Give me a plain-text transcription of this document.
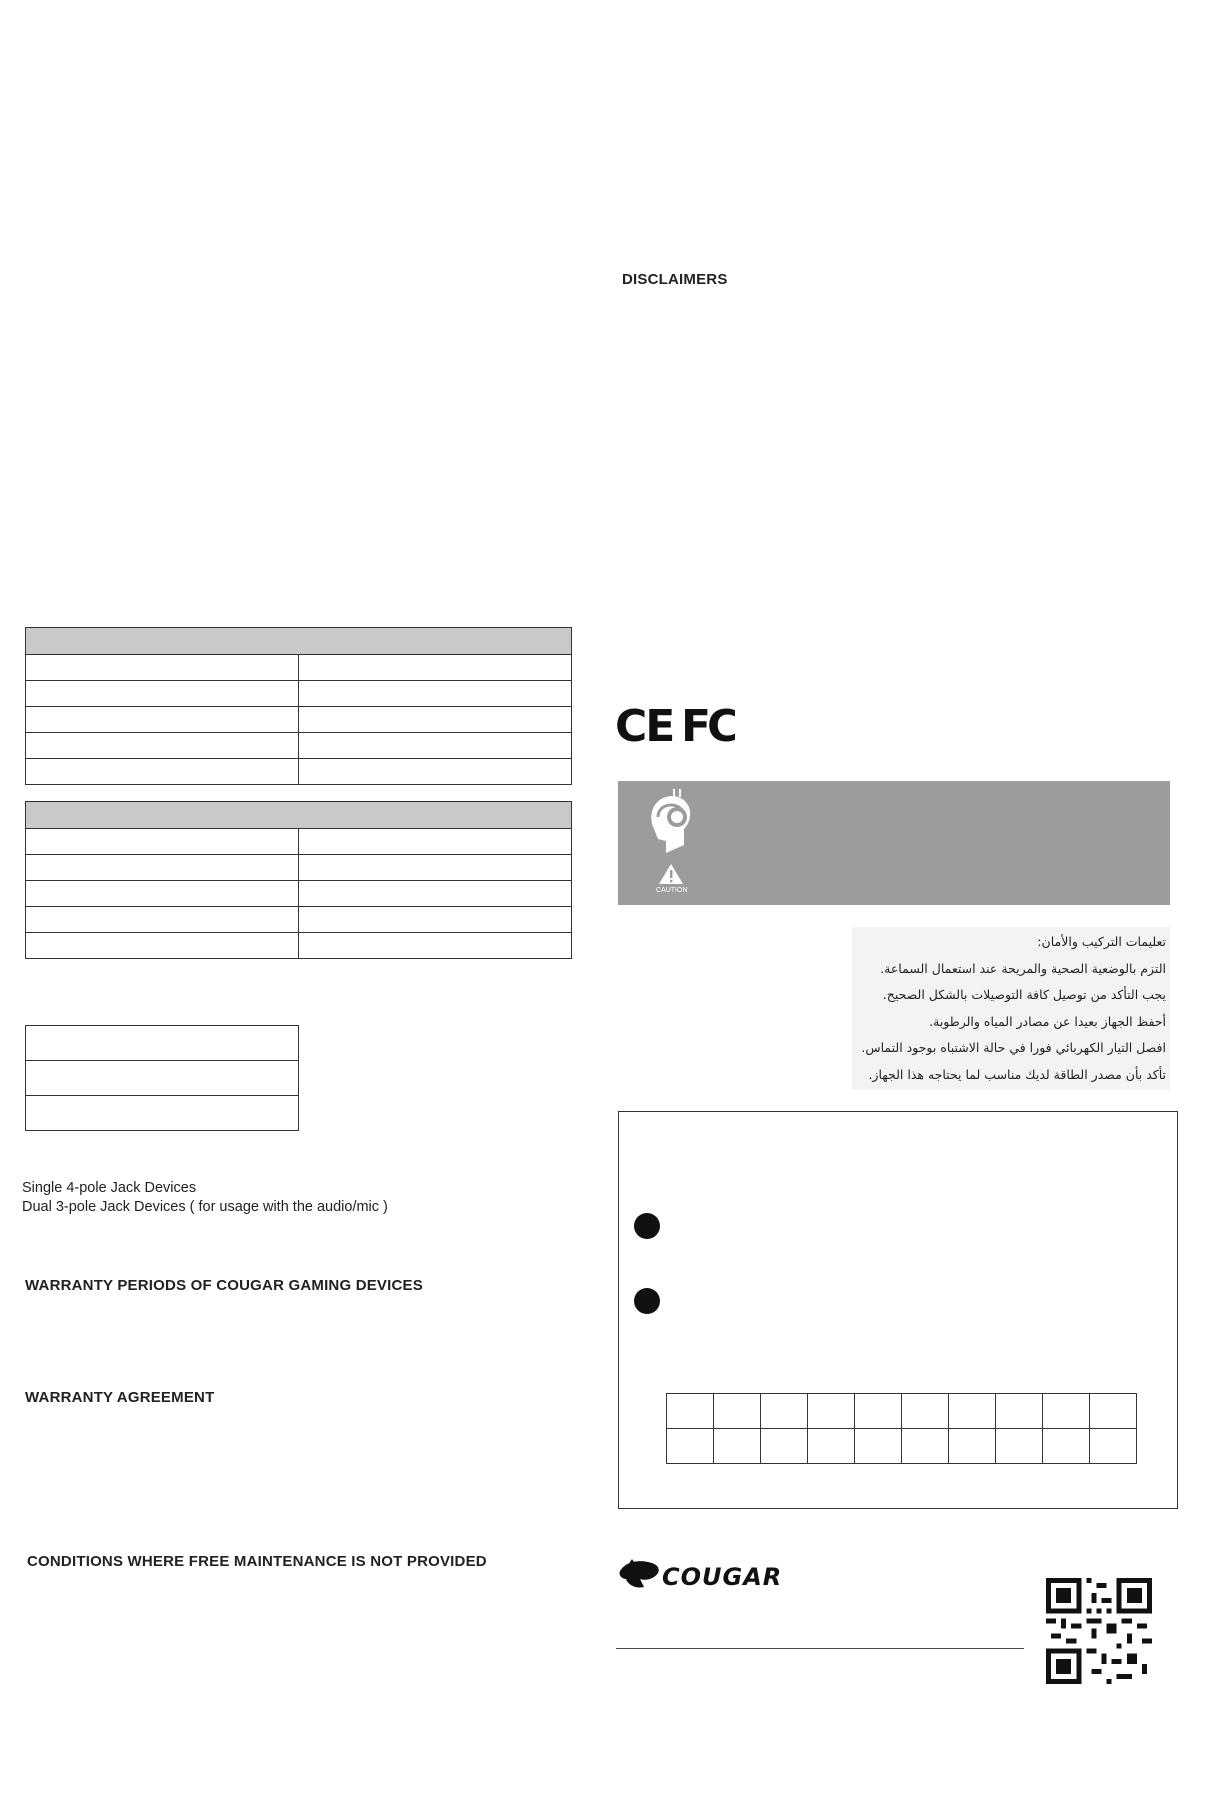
Single 4-pole Jack Devices
Dual 3-pole Jack Devices ( for usage with the audio/mic )
WARRANTY PERIODS OF COUGAR GAMING DEVICES
WARRANTY AGREEMENT
CONDITIONS WHERE FREE MAINTENANCE IS NOT PROVIDED
DISCLAIMERS
CE FC
CAUTION
تعليمات التركيب والأمان:
التزم بالوضعية الصحية والمريحة عند استعمال السماعة.
يجب التأكد من توصيل كافة التوصيلات بالشكل الصحيح.
أحفظ الجهاز بعيدا عن مصادر المياه والرطوبة.
افصل التيار الكهربائي فورا في حالة الاشتباه بوجود التماس.
تأكد بأن مصدر الطاقة لديك مناسب لما يحتاجه هذا الجهاز.

COUGAR
